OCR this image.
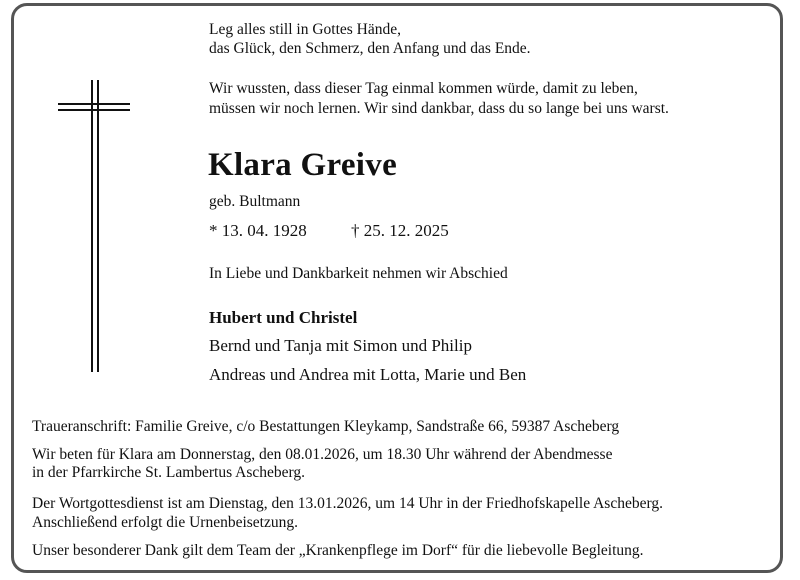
Leg alles still in Gottes Hände,
das Glück, den Schmerz, den Anfang und das Ende.
Wir wussten, dass dieser Tag einmal kommen würde, damit zu leben,
müssen wir noch lernen. Wir sind dankbar, dass du so lange bei uns warst.
Klara Greive
geb. Bultmann
* 13. 04. 1928	† 25. 12. 2025
In Liebe und Dankbarkeit nehmen wir Abschied
Hubert und Christel
Bernd und Tanja mit Simon und Philip
Andreas und Andrea mit Lotta, Marie und Ben
Traueranschrift: Familie Greive, c/o Bestattungen Kleykamp, Sandstraße 66, 59387 Ascheberg
Wir beten für Klara am Donnerstag, den 08.01.2026, um 18.30 Uhr während der Abendmesse
in der Pfarrkirche St. Lambertus Ascheberg.
Der Wortgottesdienst ist am Dienstag, den 13.01.2026, um 14 Uhr in der Friedhofskapelle Ascheberg.
Anschließend erfolgt die Urnenbeisetzung.
Unser besonderer Dank gilt dem Team der „Krankenpflege im Dorf“ für die liebevolle Begleitung.
